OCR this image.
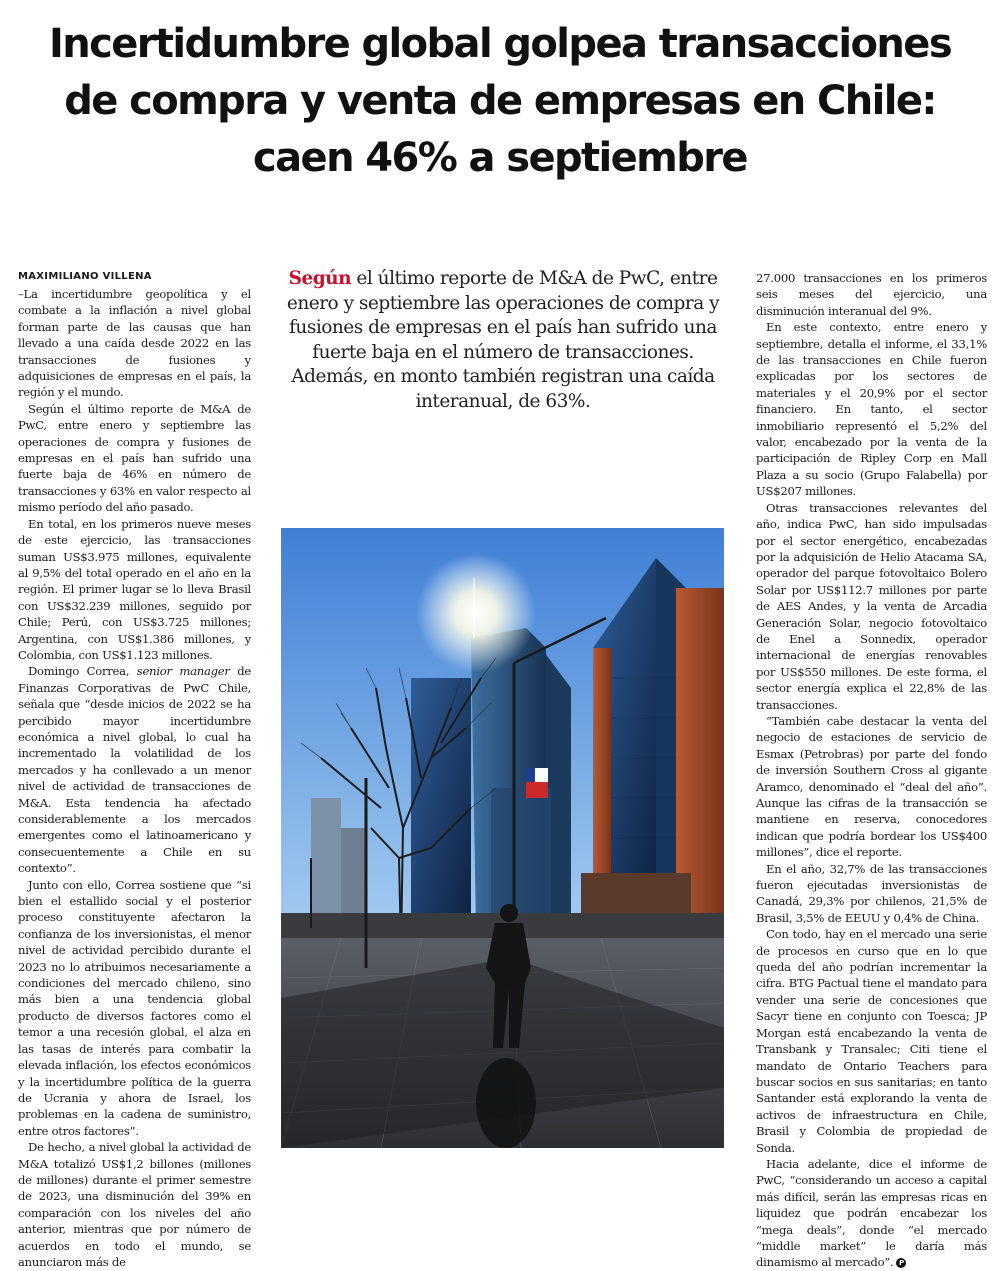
Incertidumbre global golpea transacciones
de compra y venta de empresas en Chile:
caen 46% a septiembre
MAXIMILIANO VILLENA

–La incertidumbre geopolítica y el combate a la inflación a nivel global forman parte de las causas que han llevado a una caída desde 2022 en las transacciones de fusiones y adquisiciones de empresas en el país, la región y el mundo.

Según el último reporte de M&A de PwC, entre enero y septiembre las operaciones de compra y fusiones de empresas en el país han sufrido una fuerte baja de 46% en número de transacciones y 63% en valor respecto al mismo período del año pasado.

En total, en los primeros nueve meses de este ejercicio, las transacciones suman US$3.975 millones, equivalente al 9,5% del total operado en el año en la región. El primer lugar se lo lleva Brasil con US$32.239 millones, seguido por Chile; Perú, con US$3.725 millones; Argentina, con US$1.386 millones, y Colombia, con US$1.123 millones.

Domingo Correa, senior manager de Finanzas Corporativas de PwC Chile, señala que “desde inicios de 2022 se ha percibido mayor incertidumbre económica a nivel global, lo cual ha incrementado la volatilidad de los mercados y ha conllevado a un menor nivel de actividad de transacciones de M&A. Esta tendencia ha afectado considerablemente a los mercados emergentes como el latinoamericano y consecuentemente a Chile en su contexto”.

Junto con ello, Correa sostiene que “si bien el estallido social y el posterior proceso constituyente afectaron la confianza de los inversionistas, el menor nivel de actividad percibido durante el 2023 no lo atribuimos necesariamente a condiciones del mercado chileno, sino más bien a una tendencia global producto de diversos factores como el temor a una recesión global, el alza en las tasas de interés para combatir la elevada inflación, los efectos económicos y la incertidumbre política de la guerra de Ucrania y ahora de Israel, los problemas en la cadena de suministro, entre otros factores”.

De hecho, a nivel global la actividad de M&A totalizó US$1,2 billones (millones de millones) durante el primer semestre de 2023, una disminución del 39% en comparación con los niveles del año anterior, mientras que por número de acuerdos en todo el mundo, se anunciaron más de

Según el último reporte de M&A de PwC, entre enero y septiembre las operaciones de compra y fusiones de empresas en el país han sufrido una fuerte baja en el número de transacciones. Además, en monto también registran una caída interanual, de 63%.

27.000 transacciones en los primeros seis meses del ejercicio, una disminución interanual del 9%.

En este contexto, entre enero y septiembre, detalla el informe, el 33,1% de las transacciones en Chile fueron explicadas por los sectores de materiales y el 20,9% por el sector financiero. En tanto, el sector inmobiliario representó el 5,2% del valor, encabezado por la venta de la participación de Ripley Corp en Mall Plaza a su socio (Grupo Falabella) por US$207 millones.

Otras transacciones relevantes del año, indica PwC, han sido impulsadas por el sector energético, encabezadas por la adquisición de Helio Atacama SA, operador del parque fotovoltaico Bolero Solar por US$112.7 millones por parte de AES Andes, y la venta de Arcadia Generación Solar, negocio fotovoltaico de Enel a Sonnedix, operador internacional de energías renovables por US$550 millones. De este forma, el sector energía explica el 22,8% de las transacciones.

“También cabe destacar la venta del negocio de estaciones de servicio de Esmax (Petrobras) por parte del fondo de inversión Southern Cross al gigante Aramco, denominado el “deal del año”. Aunque las cifras de la transacción se mantiene en reserva, conocedores indican que podría bordear los US$400 millones”, dice el reporte.

En el año, 32,7% de las transacciones fueron ejecutadas inversionistas de Canadá, 29,3% por chilenos, 21,5% de Brasil, 3,5% de EEUU y 0,4% de China.

Con todo, hay en el mercado una serie de procesos en curso que en lo que queda del año podrían incrementar la cifra. BTG Pactual tiene el mandato para vender una serie de concesiones que Sacyr tiene en conjunto con Toesca; JP Morgan está encabezando la venta de Transbank y Transalec; Citi tiene el mandato de Ontario Teachers para buscar socios en sus sanitarias; en tanto Santander está explorando la venta de activos de infraestructura en Chile, Brasil y Colombia de propiedad de Sonda.

Hacia adelante, dice el informe de PwC, “considerando un acceso a capital más difícil, serán las empresas ricas en liquidez que podrán encabezar los “mega deals”, donde “el mercado “middle market” le daría más dinamismo al mercado”. P
